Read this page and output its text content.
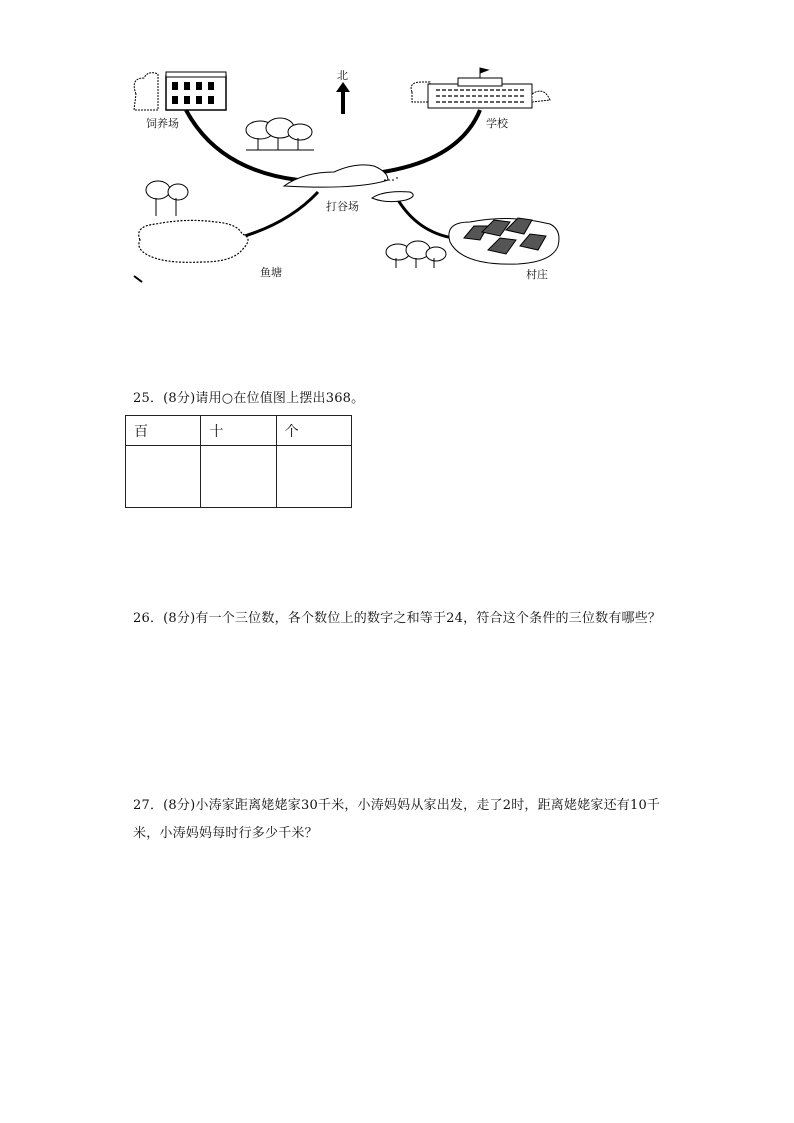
饲养场
北
学校
打谷场
鱼塘	村庄
25．(8分)请用○在位值图上摆出368。
百	十	个

26．(8分)有一个三位数，各个数位上的数字之和等于24，符合这个条件的三位数有哪些？
27．(8分)小涛家距离姥姥家30千米，小涛妈妈从家出发，走了2时，距离姥姥家还有10千米，小涛妈妈每时行多少千米？
